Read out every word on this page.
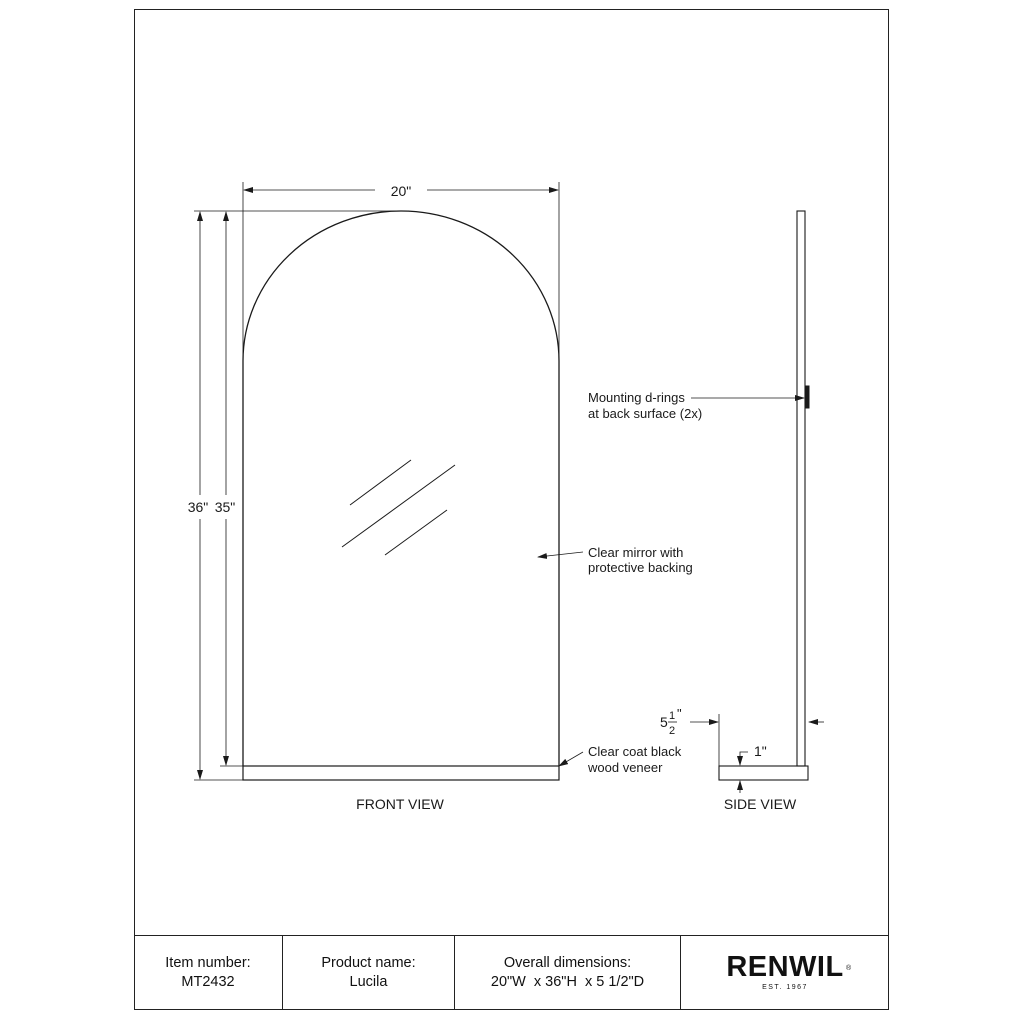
20"
36" 35"
Clear mirror with
protective backing
Clear coat black
wood veneer
FRONT VIEW
Mounting d-rings
at back surface (2x)
5 1
2
"
1"
SIDE VIEW
Item number:
MT2432
Product name:
Lucila
Overall dimensions:
20"W  x 36"H  x 5 1/2"D	RENWIL ®
EST. 1967
